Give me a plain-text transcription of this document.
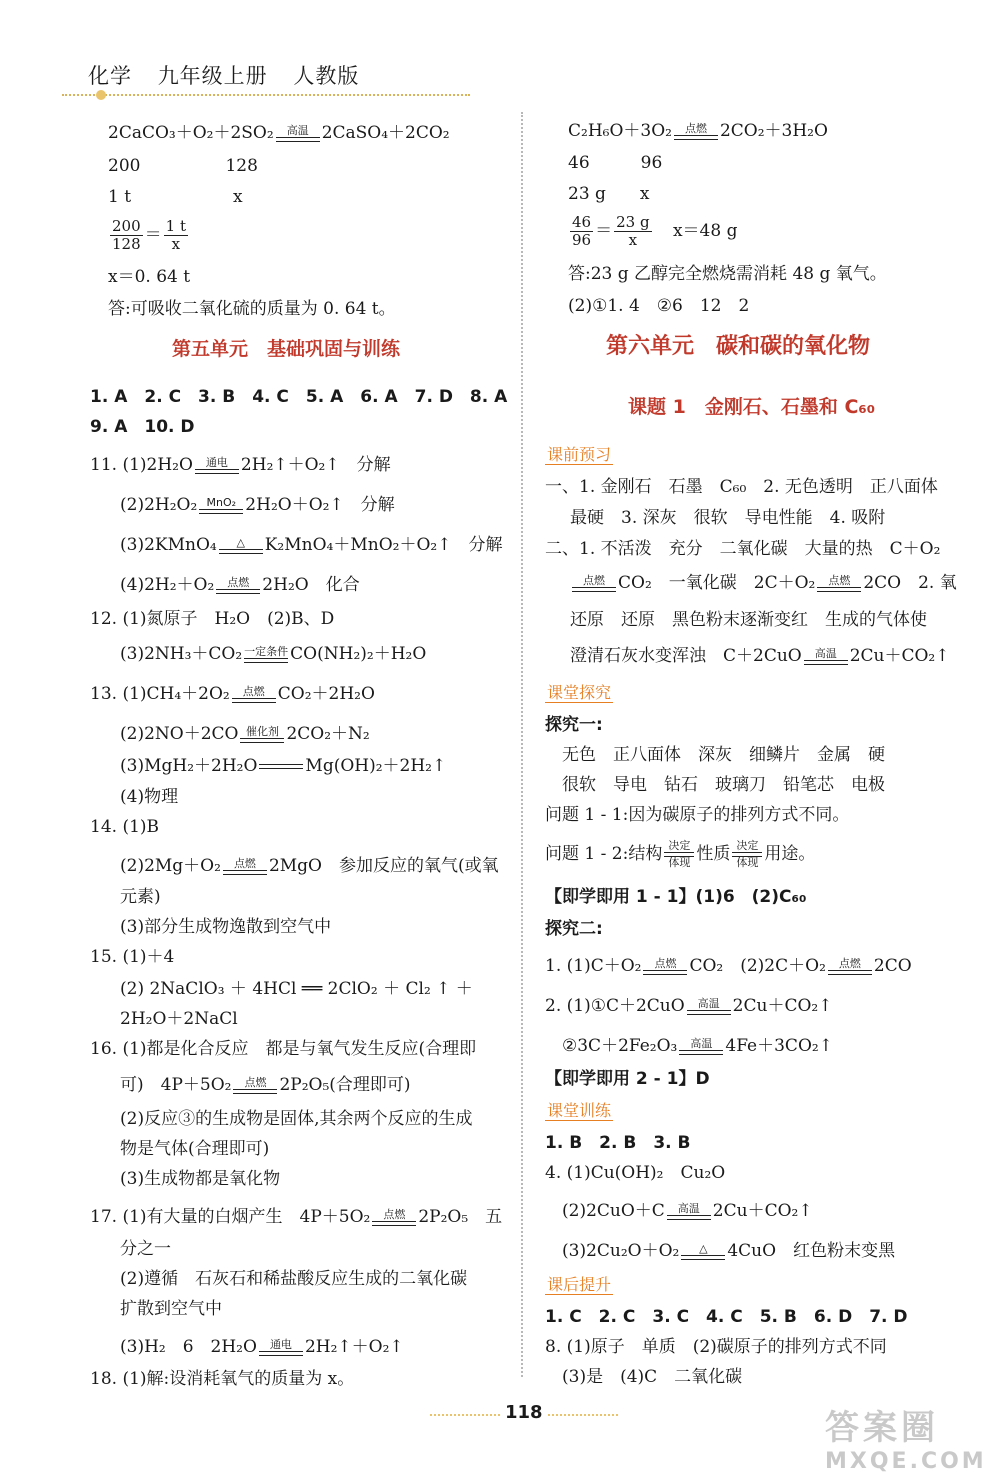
化学 九年级上册 人教版
2CaCO₃＋O₂＋2SO₂	高温 2CaSO₄＋2CO₂
200　　　　　128
1 t　　　　　　x
$\frac{200}{128} = \frac{1 t}{x}$
x＝0. 64 t
答:可吸收二氧化硫的质量为 0. 64 t。
第五单元　基础巩固与训练
1. A　2. C　3. B　4. C　5. A　6. A　7. D　8. A
9. A　10. D
11. (1)2H₂O	通电 2H₂↑＋O₂↑　分解
(2)2H₂O₂ MnO₂ 2H₂O＋O₂↑　分解
(3)2KMnO₄	△	K₂MnO₄＋MnO₂＋O₂↑　分解
(4)2H₂＋O₂	点燃 2H₂O　化合
12. (1)氮原子　H₂O　(2)B、D
(3)2NH₃＋CO₂ 一定条件 CO(NH₂)₂＋H₂O
13. (1)CH₄＋2O₂	点燃 CO₂＋2H₂O
(2)2NO＋2CO 催化剂 2CO₂＋N₂
(3)MgH₂＋2H₂O	Mg(OH)₂＋2H₂↑
(4)物理
14. (1)B
(2)2Mg＋O₂	点燃 2MgO　参加反应的氧气(或氧
元素)
(3)部分生成物逸散到空气中
15. (1)＋4
(2) 2NaClO₃ ＋ 4HCl ══ 2ClO₂ ＋ Cl₂ ↑ ＋
2H₂O＋2NaCl
16. (1)都是化合反应　都是与氧气发生反应(合理即
可)　4P＋5O₂	点燃 2P₂O₅(合理即可)
(2)反应③的生成物是固体,其余两个反应的生成
物是气体(合理即可)
(3)生成物都是氧化物
17. (1)有大量的白烟产生　4P＋5O₂	点燃 2P₂O₅　五
分之一
(2)遵循　石灰石和稀盐酸反应生成的二氧化碳
扩散到空气中
(3)H₂　6　2H₂O	通电 2H₂↑＋O₂↑
18. (1)解:设消耗氧气的质量为 x。
C₂H₆O＋3O₂	点燃 2CO₂＋3H₂O
46　　　96
23 g　　x
$\frac{46}{96} = \frac{23 g}{x} x=48$ g
答:23 g 乙醇完全燃烧需消耗 48 g 氧气。
(2)①1. 4　②6　12　2
第六单元　碳和碳的氧化物
课题 1　金刚石、石墨和 C₆₀
课前预习
一、1. 金刚石　石墨　C₆₀　2. 无色透明　正八面体
最硬　3. 深灰　很软　导电性能　4. 吸附
二、1. 不活泼　充分　二氧化碳　大量的热　C＋O₂
点燃 CO₂　一氧化碳　2C＋O₂	点燃 2CO　2. 氧
还原　还原　黑色粉末逐渐变红　生成的气体使
澄清石灰水变浑浊　C＋2CuO	高温 2Cu＋CO₂↑
课堂探究
探究一:
无色　正八面体　深灰　细鳞片　金属　硬
很软　导电　钻石　玻璃刀　铅笔芯　电极
问题 1 - 1:因为碳原子的排列方式不同。
问题 1 - 2:结构 决定
体现 性质 决定
体现 用途。
【即学即用 1 - 1】(1)6　(2)C₆₀
探究二:
1. (1)C＋O₂	点燃 CO₂　(2)2C＋O₂	点燃 2CO
2. (1)①C＋2CuO	高温 2Cu＋CO₂↑
②3C＋2Fe₂O₃	高温 4Fe＋3CO₂↑
【即学即用 2 - 1】D
课堂训练
1. B　2. B　3. B
4. (1)Cu(OH)₂　Cu₂O
(2)2CuO＋C	高温 2Cu＋CO₂↑
(3)2Cu₂O＋O₂	△	4CuO　红色粉末变黑
课后提升
1. C　2. C　3. C　4. C　5. B　6. D　7. D
8. (1)原子　单质　(2)碳原子的排列方式不同
(3)是　(4)C　二氧化碳
118	答案圈
MXQE.COM
